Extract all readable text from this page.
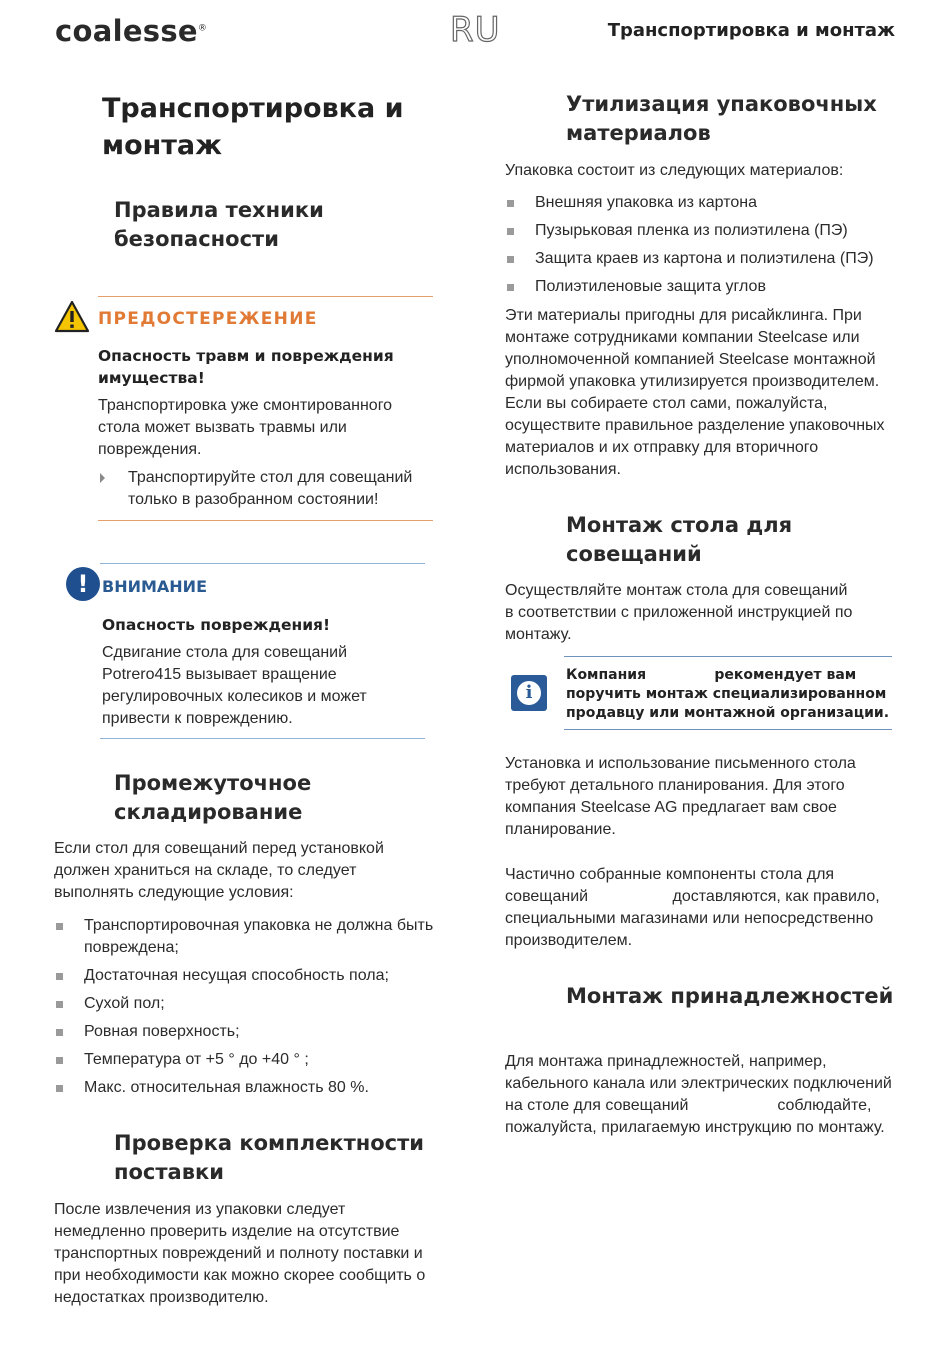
coalesse®	RU	Транспортировка и монтаж
Транспортировка и монтаж
Правила техники безопасности
ПРЕДОСТЕРЕЖЕНИЕ
Опасность травм и повреждения имущества!
Транспортировка уже смонтированного стола может вызвать травмы или повреждения.
Транспортируйте стол для совещаний только в разобранном состоянии!
! ВНИМАНИЕ
Опасность повреждения!
Сдвигание стола для совещаний Potrero415 вызывает вращение регулировочных колесиков и может привести к повреждению.
Промежуточное складирование
Если стол для совещаний перед установкой должен храниться на складе, то следует выполнять следующие условия:
Транспортировочная упаковка не должна быть повреждена;
Достаточная несущая способность пола;
Сухой пол;
Ровная поверхность;
Температура от +5 ° до +40 ° ;
Макс. относительная влажность 80 %.
Проверка комплектности поставки
После извлечения из упаковки следует немедленно проверить изделие на отсутствие транспортных повреждений и полноту поставки и при необходимости как можно скорее сообщить о недостатках производителю.
Утилизация упаковочных материалов
Упаковка состоит из следующих материалов:
Внешняя упаковка из картона
Пузырьковая пленка из полиэтилена (ПЭ)
Защита краев из картона и полиэтилена (ПЭ)
Полиэтиленовые защита углов
Эти материалы пригодны для рисайклинга. При монтаже сотрудниками компании Steelcase или уполномоченной компанией Steelcase монтажной фирмой упаковка утилизируется производителем. Если вы собираете стол сами, пожалуйста, осуществите правильное разделение упаковочных материалов и их отправку для вторичного использования.
Монтаж стола для совещаний
Осуществляйте монтаж стола для совещаний                   в соответствии с приложенной инструкцией по монтажу.
i
Компания              рекомендует вам поручить монтаж специализированном продавцу или монтажной организации.
Установка и использование письменного стола требуют детального планирования. Для этого компания Steelcase AG предлагает вам свое планирование.
Частично собранные компоненты стола для совещаний                   доставляются, как правило, специальными магазинами или непосредственно производителем.
Монтаж принадлежностей
Для монтажа принадлежностей, например, кабельного канала или электрических подключений на столе для совещаний                    соблюдайте, пожалуйста, прилагаемую инструкцию по монтажу.
